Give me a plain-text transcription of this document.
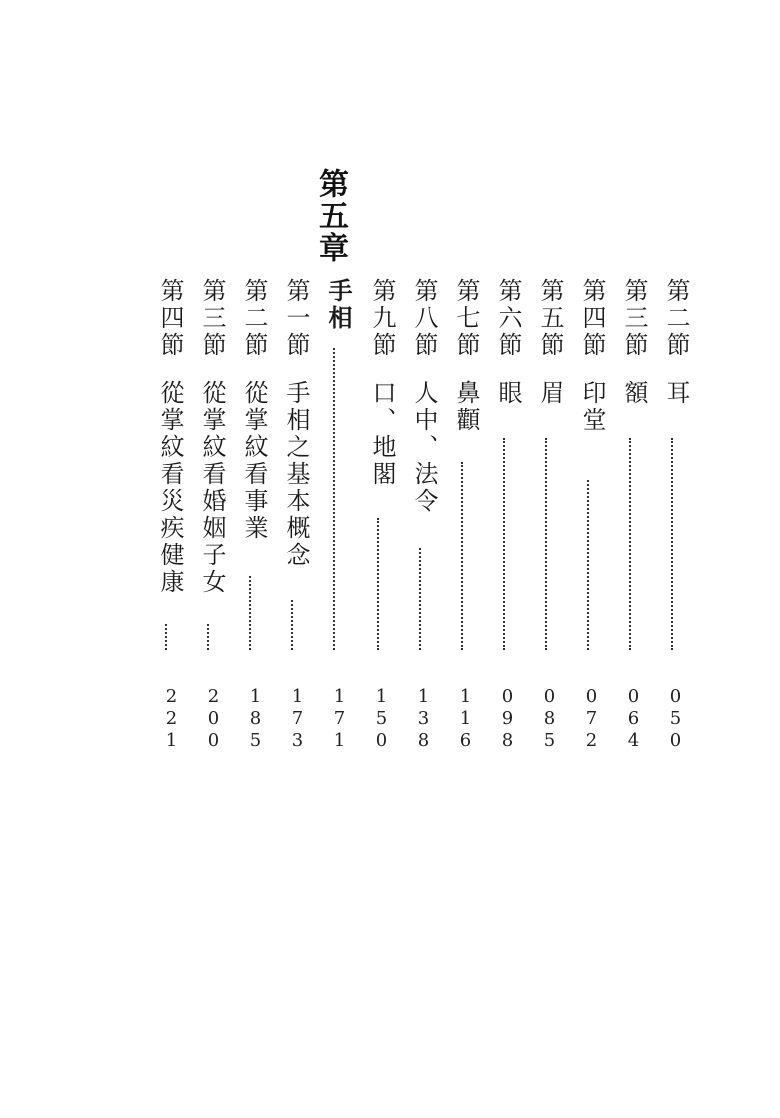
第五章
第二節
耳
050
第三節
額
064
第四節
印堂
072
第五節
眉
085
第六節
眼
098
第七節
鼻顴
116
第八節
人中、法令
138
第九節
口、地閣
150
手相
171
第一節
手相之基本概念
173
第二節
從掌紋看事業
185
第三節
從掌紋看婚姻子女
200
第四節
從掌紋看災疾健康
221
